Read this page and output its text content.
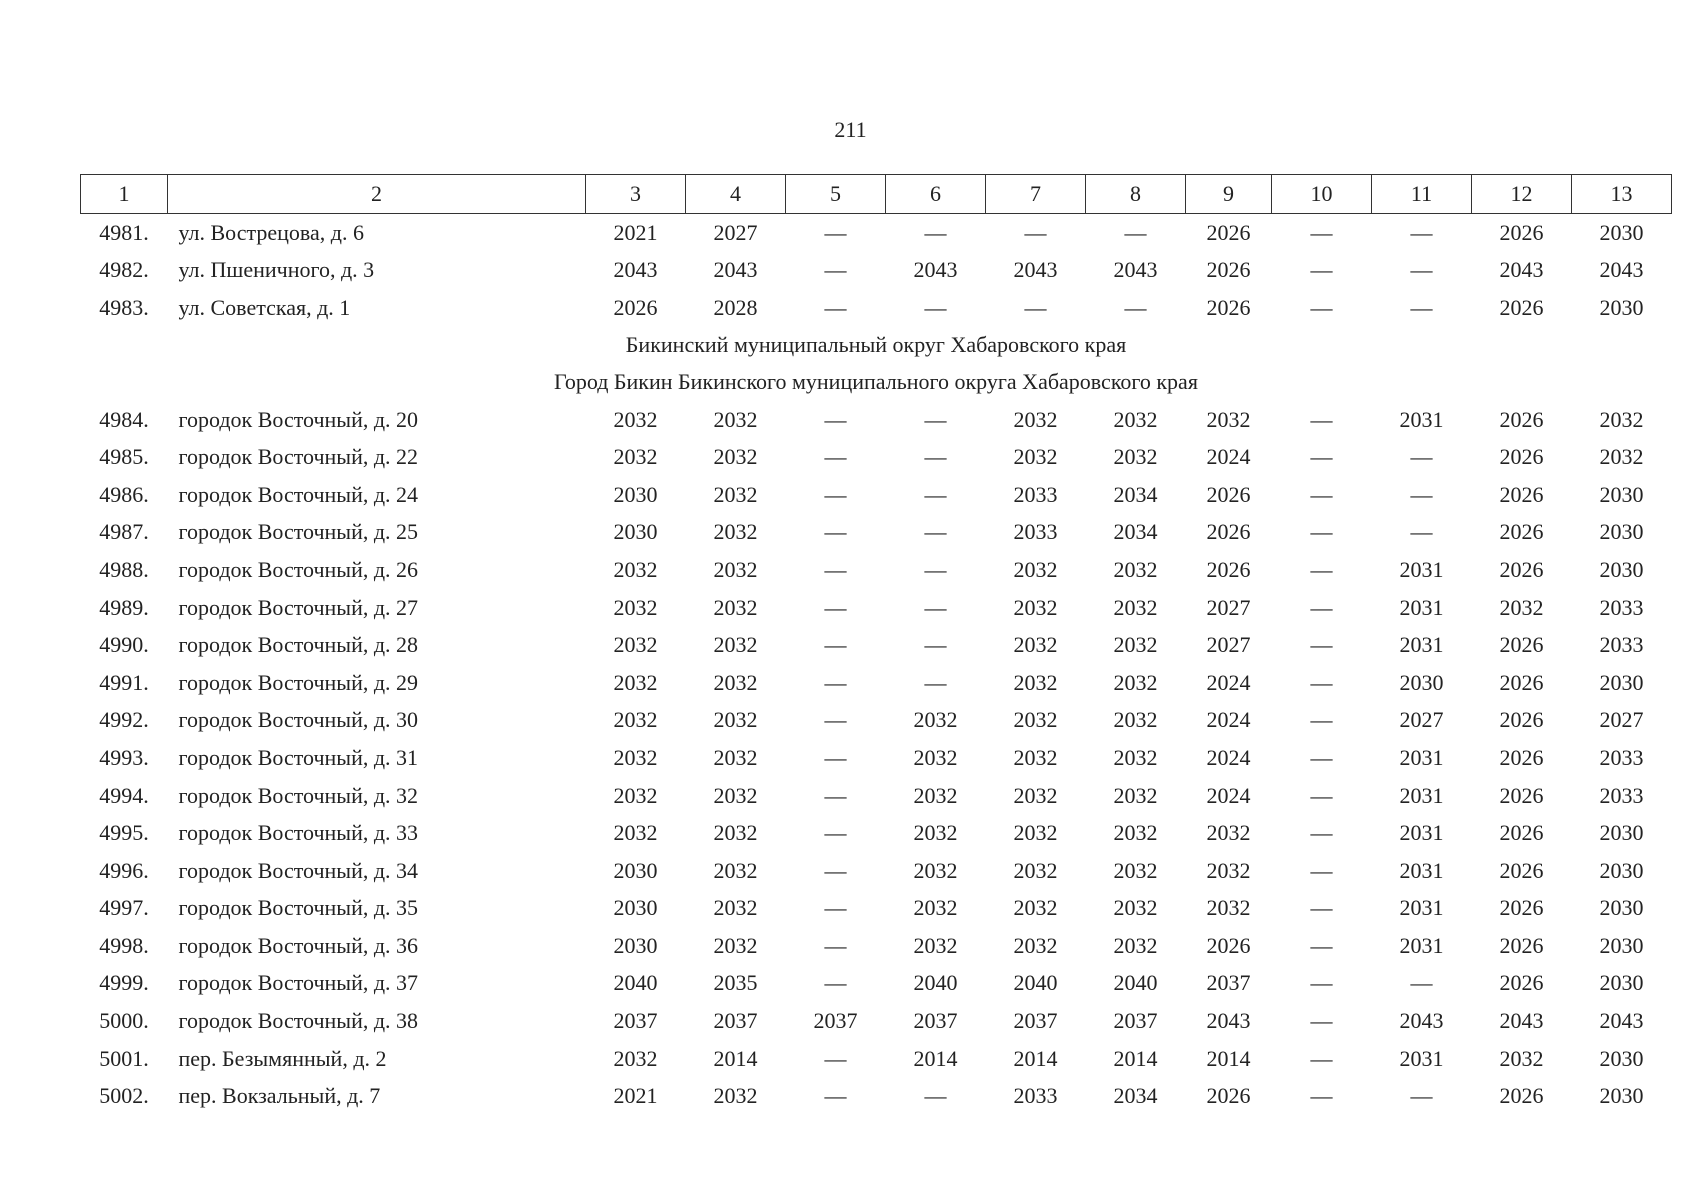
211
1	2	3	4	5	6	7	8	9	10	11	12	13
4981.	ул. Вострецова, д. 6	2021	2027	—	—	—	—	2026	—	—	2026	2030
4982.	ул. Пшеничного, д. 3	2043	2043	—	2043	2043	2043	2026	—	—	2043	2043
4983.	ул. Советская, д. 1	2026	2028	—	—	—	—	2026	—	—	2026	2030
Бикинский муниципальный округ Хабаровского края												
Город Бикин Бикинского муниципального округа Хабаровского края												
4984.	городок Восточный, д. 20	2032	2032	—	—	2032	2032	2032	—	2031	2026	2032
4985.	городок Восточный, д. 22	2032	2032	—	—	2032	2032	2024	—	—	2026	2032
4986.	городок Восточный, д. 24	2030	2032	—	—	2033	2034	2026	—	—	2026	2030
4987.	городок Восточный, д. 25	2030	2032	—	—	2033	2034	2026	—	—	2026	2030
4988.	городок Восточный, д. 26	2032	2032	—	—	2032	2032	2026	—	2031	2026	2030
4989.	городок Восточный, д. 27	2032	2032	—	—	2032	2032	2027	—	2031	2032	2033
4990.	городок Восточный, д. 28	2032	2032	—	—	2032	2032	2027	—	2031	2026	2033
4991.	городок Восточный, д. 29	2032	2032	—	—	2032	2032	2024	—	2030	2026	2030
4992.	городок Восточный, д. 30	2032	2032	—	2032	2032	2032	2024	—	2027	2026	2027
4993.	городок Восточный, д. 31	2032	2032	—	2032	2032	2032	2024	—	2031	2026	2033
4994.	городок Восточный, д. 32	2032	2032	—	2032	2032	2032	2024	—	2031	2026	2033
4995.	городок Восточный, д. 33	2032	2032	—	2032	2032	2032	2032	—	2031	2026	2030
4996.	городок Восточный, д. 34	2030	2032	—	2032	2032	2032	2032	—	2031	2026	2030
4997.	городок Восточный, д. 35	2030	2032	—	2032	2032	2032	2032	—	2031	2026	2030
4998.	городок Восточный, д. 36	2030	2032	—	2032	2032	2032	2026	—	2031	2026	2030
4999.	городок Восточный, д. 37	2040	2035	—	2040	2040	2040	2037	—	—	2026	2030
5000.	городок Восточный, д. 38	2037	2037	2037	2037	2037	2037	2043	—	2043	2043	2043
5001.	пер. Безымянный, д. 2	2032	2014	—	2014	2014	2014	2014	—	2031	2032	2030
5002.	пер. Вокзальный, д. 7	2021	2032	—	—	2033	2034	2026	—	—	2026	2030
